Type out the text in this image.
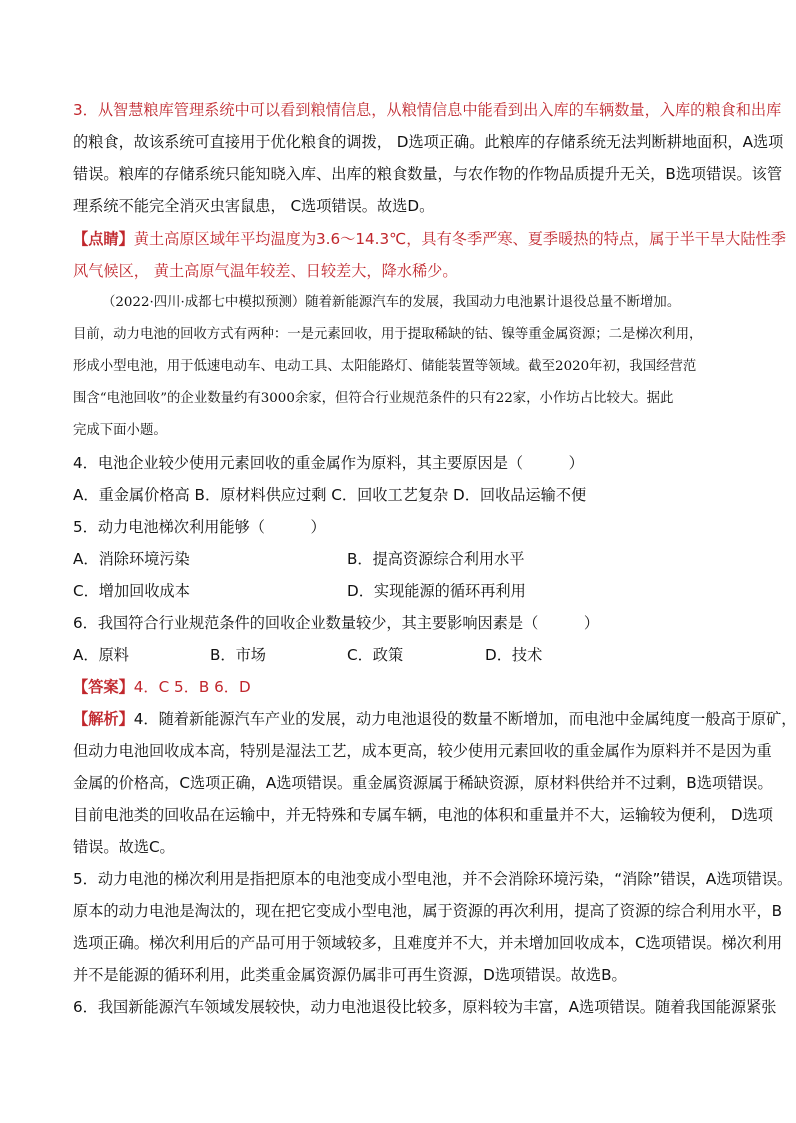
3．从智慧粮库管理系统中可以看到粮情信息，从粮情信息中能看到出入库的车辆数量，入库的粮食和出库
的粮食，故该系统可直接用于优化粮食的调拨， D选项正确。此粮库的存储系统无法判断耕地面积，A选项
错误。粮库的存储系统只能知晓入库、出库的粮食数量，与农作物的作物品质提升无关，B选项错误。该管
理系统不能完全消灭虫害鼠患， C选项错误。故选D。
【点睛】黄土高原区域年平均温度为3.6～14.3℃，具有冬季严寒、夏季暖热的特点，属于半干旱大陆性季
风气候区， 黄土高原气温年较差、日较差大，降水稀少。
（2022·四川·成都七中模拟预测）随着新能源汽车的发展，我国动力电池累计退役总量不断增加。
目前，动力电池的回收方式有两种：一是元素回收，用于提取稀缺的钴、镍等重金属资源；二是梯次利用，
形成小型电池，用于低速电动车、电动工具、太阳能路灯、储能装置等领域。截至2020年初，我国经营范
围含“电池回收”的企业数量约有3000余家，但符合行业规范条件的只有22家，小作坊占比较大。据此
完成下面小题。
4．电池企业较少使用元素回收的重金属作为原料，其主要原因是（　　　）
A．重金属价格高 B．原材料供应过剩 C．回收工艺复杂 D．回收品运输不便
5．动力电池梯次利用能够（　　　）
A．消除环境污染	B．提高资源综合利用水平
C．增加回收成本	D．实现能源的循环再利用
6．我国符合行业规范条件的回收企业数量较少，其主要影响因素是（　　　）
A．原料	B．市场	C．政策	D．技术
【答案】4．C 5．B 6．D
【解析】4．随着新能源汽车产业的发展，动力电池退役的数量不断增加，而电池中金属纯度一般高于原矿，
但动力电池回收成本高，特别是湿法工艺，成本更高，较少使用元素回收的重金属作为原料并不是因为重
金属的价格高，C选项正确，A选项错误。重金属资源属于稀缺资源，原材料供给并不过剩，B选项错误。
目前电池类的回收品在运输中，并无特殊和专属车辆，电池的体积和重量并不大，运输较为便利， D选项
错误。故选C。
5．动力电池的梯次利用是指把原本的电池变成小型电池，并不会消除环境污染，“消除”错误，A选项错误。
原本的动力电池是淘汰的，现在把它变成小型电池，属于资源的再次利用，提高了资源的综合利用水平，B
选项正确。梯次利用后的产品可用于领域较多，且难度并不大，并未增加回收成本，C选项错误。梯次利用
并不是能源的循环利用，此类重金属资源仍属非可再生资源，D选项错误。故选B。
6．我国新能源汽车领域发展较快，动力电池退役比较多，原料较为丰富，A选项错误。随着我国能源紧张
